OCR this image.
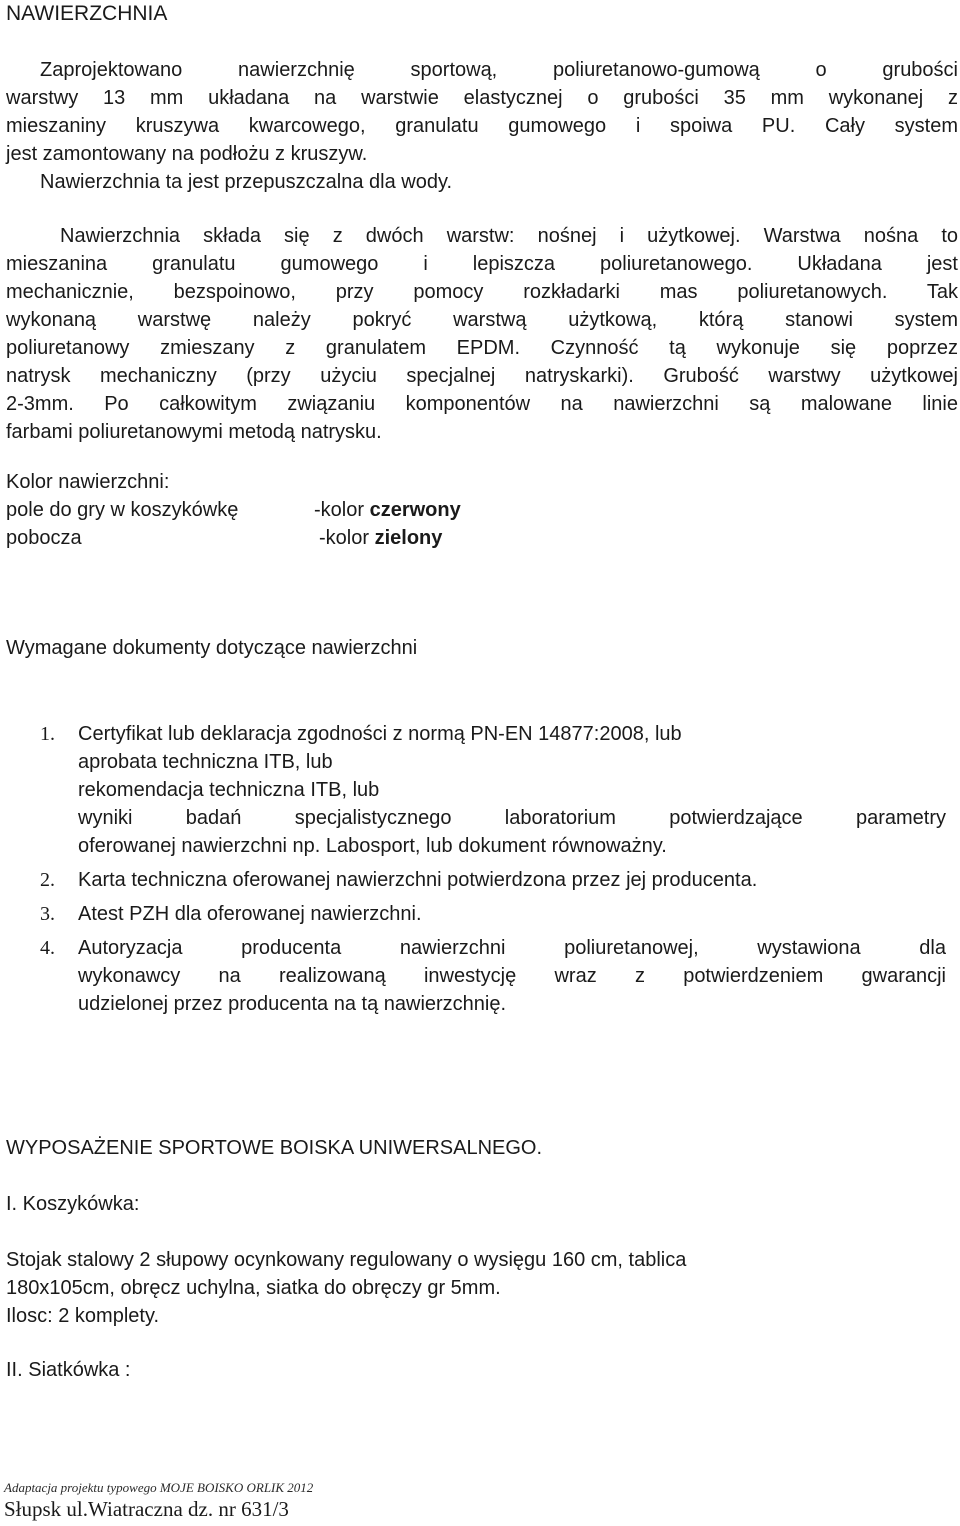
NAWIERZCHNIA
Zaprojektowano nawierzchnię sportową, poliuretanowo-gumową o grubości
warstwy 13 mm układana na warstwie elastycznej o grubości 35 mm wykonanej z
mieszaniny kruszywa kwarcowego, granulatu gumowego i spoiwa PU. Cały system
jest zamontowany na podłożu z kruszyw.
Nawierzchnia ta jest przepuszczalna dla wody.
Nawierzchnia składa się z dwóch warstw: nośnej i użytkowej. Warstwa nośna to
mieszanina granulatu gumowego i lepiszcza poliuretanowego. Układana jest
mechanicznie, bezspoinowo, przy pomocy rozkładarki mas poliuretanowych. Tak
wykonaną warstwę należy pokryć warstwą użytkową, którą stanowi system
poliuretanowy zmieszany z granulatem EPDM. Czynność tą wykonuje się poprzez
natrysk mechaniczny (przy użyciu specjalnej natryskarki). Grubość warstwy użytkowej
2-3mm. Po całkowitym związaniu komponentów na nawierzchni są malowane linie
farbami poliuretanowymi metodą natrysku.
Kolor nawierzchni:
pole do gry w koszykówkę	-kolor
czerwony
pobocza	-kolor
zielony
Wymagane dokumenty dotyczące nawierzchni
1. Certyfikat lub deklaracja zgodności z normą PN-EN 14877:2008, lub
aprobata techniczna ITB, lub
rekomendacja techniczna ITB, lub
wyniki badań specjalistycznego laboratorium potwierdzające parametry
oferowanej nawierzchni np. Labosport, lub dokument równoważny.
2. Karta techniczna oferowanej nawierzchni potwierdzona przez jej producenta.
3. Atest PZH dla oferowanej nawierzchni.
4. Autoryzacja producenta nawierzchni poliuretanowej, wystawiona dla
wykonawcy na realizowaną inwestycję wraz z potwierdzeniem gwarancji
udzielonej przez producenta na tą nawierzchnię.
WYPOSAŻENIE SPORTOWE BOISKA UNIWERSALNEGO.
I. Koszykówka:
Stojak stalowy 2 słupowy ocynkowany regulowany o wysięgu 160 cm, tablica
180x105cm, obręcz uchylna, siatka do obręczy gr 5mm.
Ilosc: 2 komplety.
II. Siatkówka :
Adaptacja projektu typowego MOJE BOISKO ORLIK 2012
Słupsk ul.Wiatraczna dz. nr 631/3
